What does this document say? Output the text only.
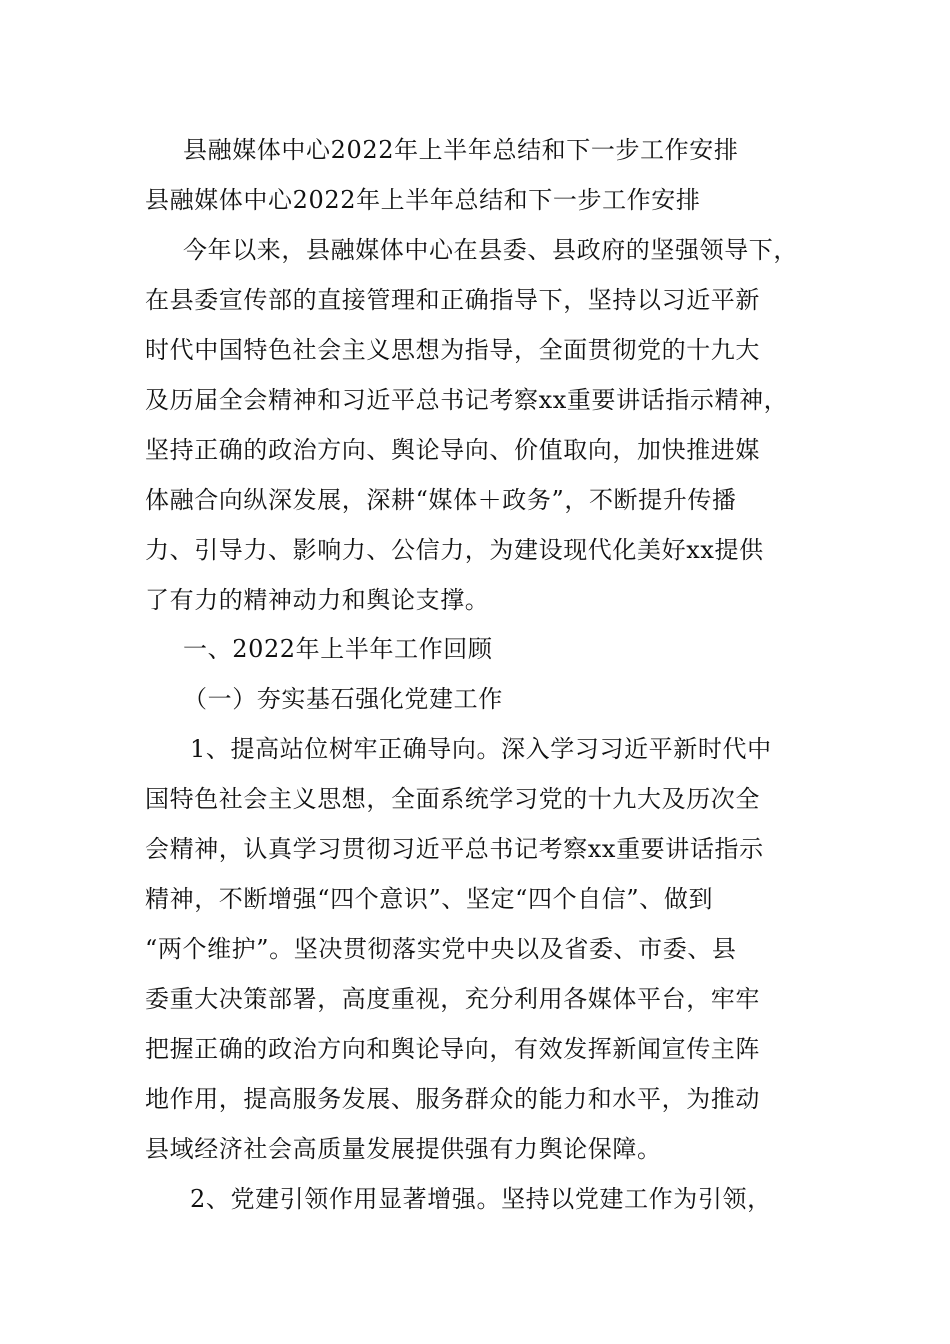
县融媒体中心2022年上半年总结和下一步工作安排
县融媒体中心2022年上半年总结和下一步工作安排
今年以来，县融媒体中心在县委、县政府的坚强领导下，
在县委宣传部的直接管理和正确指导下，坚持以习近平新
时代中国特色社会主义思想为指导，全面贯彻党的十九大
及历届全会精神和习近平总书记考察xx重要讲话指示精神，
坚持正确的政治方向、舆论导向、价值取向，加快推进媒
体融合向纵深发展，深耕“媒体＋政务”，不断提升传播
力、引导力、影响力、公信力，为建设现代化美好xx提供
了有力的精神动力和舆论支撑。
一、2022年上半年工作回顾
（一）夯实基石强化党建工作
1、提高站位树牢正确导向。深入学习习近平新时代中
国特色社会主义思想，全面系统学习党的十九大及历次全
会精神，认真学习贯彻习近平总书记考察xx重要讲话指示
精神，不断增强“四个意识”、坚定“四个自信”、做到
“两个维护”。坚决贯彻落实党中央以及省委、市委、县
委重大决策部署，高度重视，充分利用各媒体平台，牢牢
把握正确的政治方向和舆论导向，有效发挥新闻宣传主阵
地作用，提高服务发展、服务群众的能力和水平，为推动
县域经济社会高质量发展提供强有力舆论保障。
2、党建引领作用显著增强。坚持以党建工作为引领，
